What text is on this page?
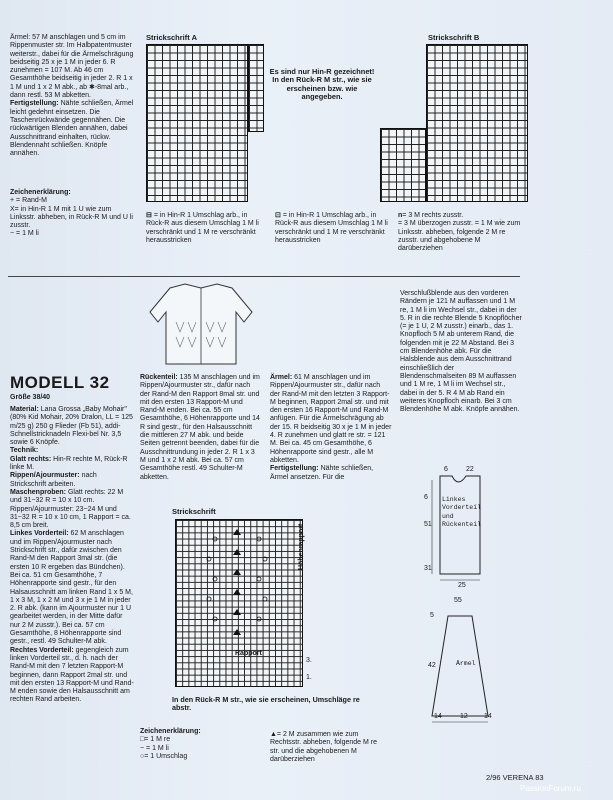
Ärmel: 57 M anschlagen und 5 cm im Rippenmuster str. Im Halbpatentmuster weiterstr., dabei für die Ärmelschrägung beidseitig 25 x je 1 M in jeder 6. R zunehmen = 107 M. Ab 46 cm Gesamthöhe beidseitig in jeder 2. R 1 x 1 M und 1 x 2 M abk., ab ✱-8mal arb., dann restl. 53 M abketten.
Fertigstellung: Nähte schließen, Ärmel leicht gedehnt einsetzen. Die Taschenrückwände gegennähen. Die rückwärtigen Blenden annähen, dabei Ausschnittrand einhalten, rückw. Blendennaht schließen. Knöpfe annähen.
Zeichenerklärung:
+ = Rand-M
X= in Hin-R 1 M mit 1 U wie zum Linksstr. abheben, in Rück-R M und U li zusstr.
− = 1 M li
Strickschrift A
Es sind nur Hin-R gezeichnet! In den Rück-R M str., wie sie erscheinen bzw. wie angegeben.
Strickschrift B
⊟ = in Hin-R 1 Umschlag arb., in Rück-R aus diesem Umschlag 1 M li verschränkt und 1 M re verschränkt herausstricken
⊡ = in Hin-R 1 Umschlag arb., in Rück-R aus diesem Umschlag 1 M li verschränkt und 1 M re verschränkt herausstricken
n= 3 M rechts zusstr.
= 3 M überzogen zusstr. = 1 M wie zum Linksstr. abheben, folgende 2 M re zusstr. und abgehobene M darüberziehen
Verschlußblende aus den vorderen Rändern je 121 M auffassen und 1 M re, 1 M li im Wechsel str., dabei in der 5. R in die rechte Blende 5 Knopflöcher (= je 1 U, 2 M zusstr.) einarb., das 1. Knopfloch 5 M ab unterem Rand, die folgenden mit je 22 M Abstand. Bei 3 cm Blendenhöhe abk. Für die Halsblende aus dem Ausschnittrand einschließlich der Blendenschmalseiten 89 M auffassen und 1 M re, 1 M li im Wechsel str., dabei in der 5. R 4 M ab Rand ein weiteres Knopfloch einarb. Bei 3 cm Blendenhöhe M abk. Knöpfe annähen.
MODELL 32
Größe 38/40
Material: Lana Grossa „Baby Mohair" (80% Kid Mohair, 20% Dralon, LL = 125 m/25 g) 250 g Flieder (Fb 51), addi-Schnellstricknadeln Flexi-bel Nr. 3,5 sowie 6 Knöpfe.
Technik:
Glatt rechts: Hin-R rechte M, Rück-R linke M.
Rippen/Ajourmuster: nach Strickschrift arbeiten.
Maschenproben: Glatt rechts: 22 M und 31−32 R = 10 x 10 cm. Rippen/Ajourmuster: 23−24 M und 31−32 R = 10 x 10 cm, 1 Rapport = ca. 8,5 cm breit.
Linkes Vorderteil: 62 M anschlagen und im Rippen/Ajourmuster nach Strickschrift str., dafür zwischen den Rand-M den Rapport 3mal str. (die ersten 10 R ergeben das Bündchen). Bei ca. 51 cm Gesamthöhe, 7 Höhenrapporte sind gestr., für den Halsausschnitt am linken Rand 1 x 5 M, 1 x 3 M, 1 x 2 M und 3 x je 1 M in jeder 2. R abk. (kann im Ajourmuster nur 1 U gearbeitet werden, in der Mitte dafür nur 2 M zusstr.). Bei ca. 57 cm Gesamthöhe, 8 Höhenrapporte sind gestr., restl. 49 Schulter-M abk.
Rechtes Vorderteil: gegengleich zum linken Vorderteil str., d. h. nach der Rand-M mit den 7 letzten Rapport-M beginnen, dann Rapport 2mal str. und mit den ersten 13 Rapport-M und Rand-M enden sowie den Halsausschnitt am rechten Rand arbeiten.
Rückenteil: 135 M anschlagen und im Rippen/Ajourmuster str., dafür nach der Rand-M den Rapport 8mal str. und mit den ersten 13 Rapport-M und Rand-M enden. Bei ca. 55 cm Gesamthöhe, 6 Höhenrapporte und 14 R sind gestr., für den Halsausschnitt die mittleren 27 M abk. und beide Seiten getrennt beenden, dabei für die Ausschnittrundung in jeder 2. R 1 x 3 M und 1 x 2 M abk. Bei ca. 57 cm Gesamthöhe restl. 49 Schulter-M abketten.
Ärmel: 61 M anschlagen und im Rippen/Ajourmuster str., dafür nach der Rand-M mit den letzten 3 Rapport-M beginnen, Rapport 2mal str. und mit den ersten 16 Rapport-M und Rand-M anfügen. Für die Ärmelschrägung ab der 15. R beidseitig 30 x je 1 M in jeder 4. R zunehmen und glatt re str. = 121 M. Bei ca. 45 cm Gesamthöhe, 6 Höhenrapporte sind gestr., alle M abketten.
Fertigstellung: Nähte schließen, Ärmel ansetzen. Für die
Strickschrift
Höhenrapport
Rapport
3.
1.
In den Rück-R M str., wie sie erscheinen, Umschläge re abstr.
Zeichenerklärung:
□= 1 M re
− = 1 M li
○= 1 Umschlag
▲= 2 M zusammen wie zum Rechtsstr. abheben, folgende M re str. und die abgehobenen M darüberziehen
Linkes Vorderteil und Rückenteil
Ärmel
6	22
51
6
31
25
55
5
42
14	12 14
2/96 VERENA 83
PassionForum.ru
